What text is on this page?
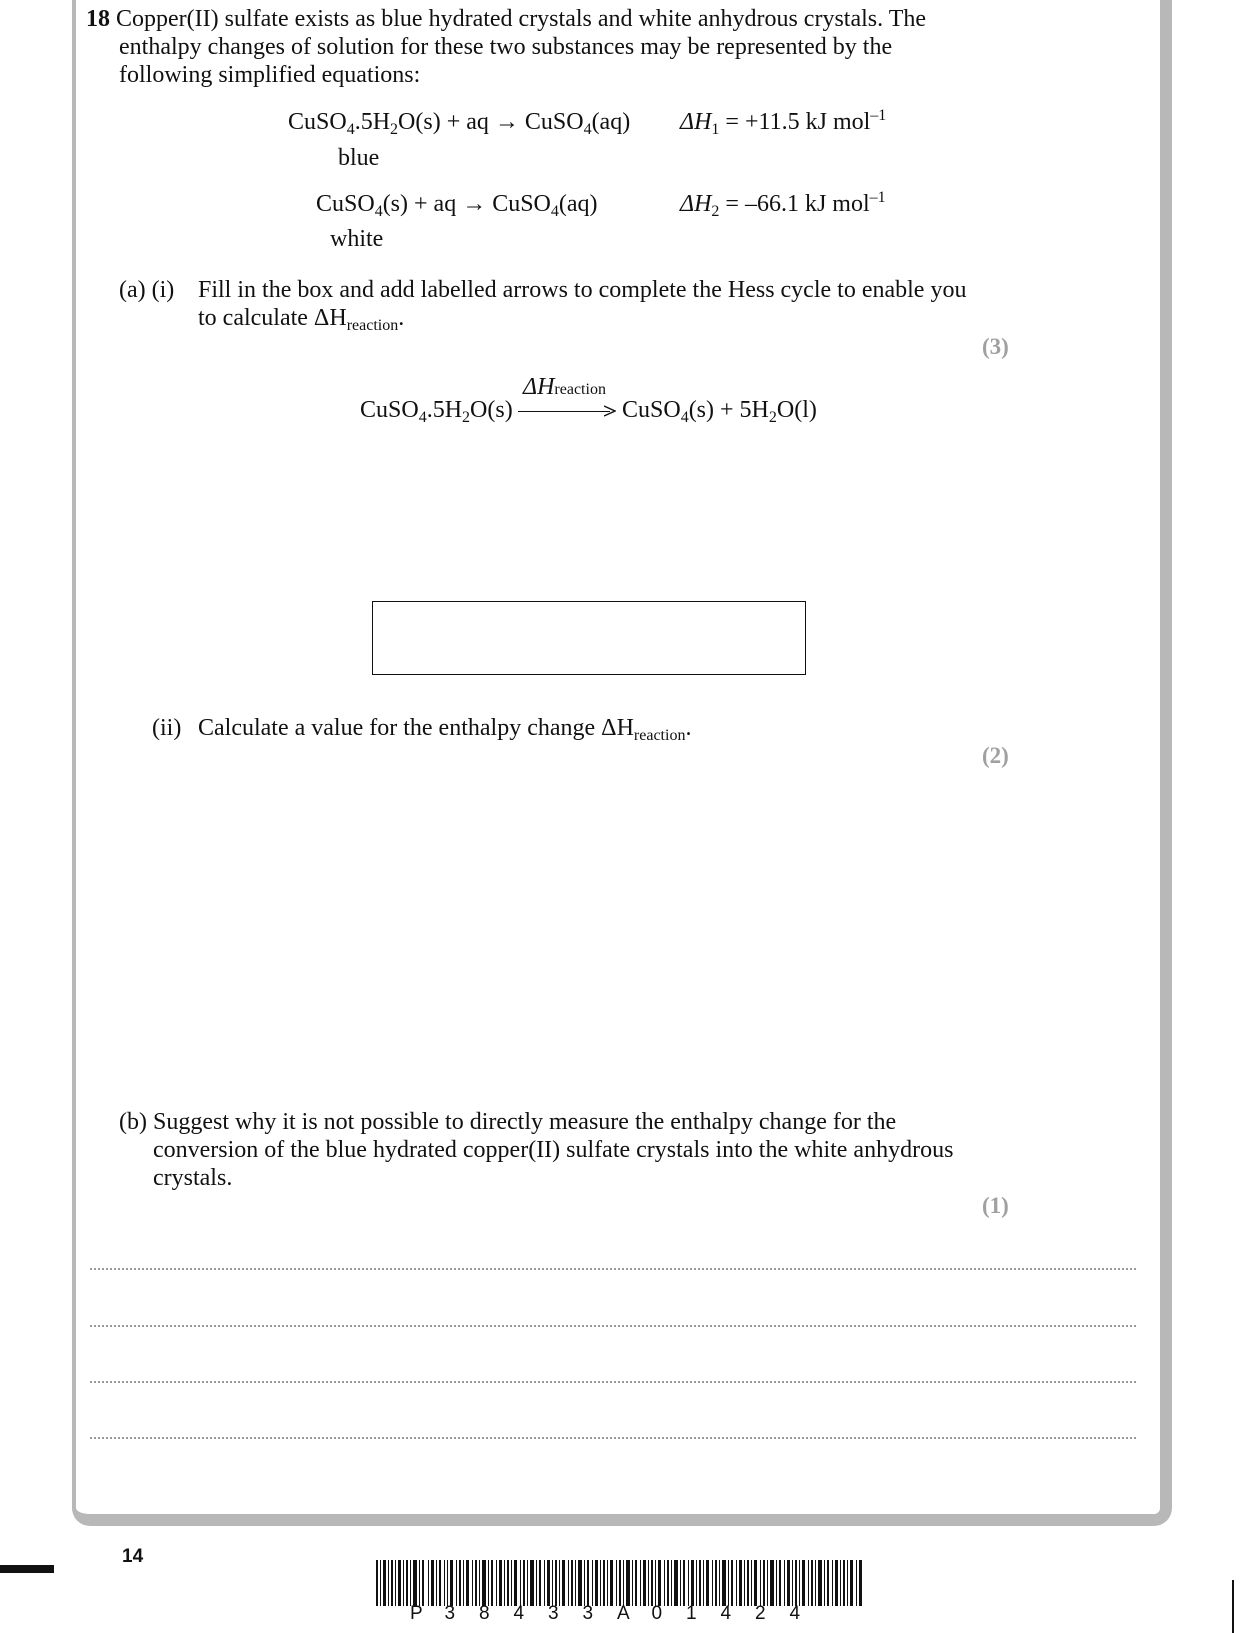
18 Copper(II) sulfate exists as blue hydrated crystals and white anhydrous crystals. The
enthalpy changes of solution for these two substances may be represented by the
following simplified equations:
$CuSO_4.5H_2O(s)$ + aq → CuSO$_4$(aq) $\Delta H_1 = +11.5$ kJ mol$^{-1}$
blue
CuSO$_4$(s) + aq → CuSO$_4$(aq)	$\Delta H_2 = -66.1$ kJ mol$^{-1}$
white
(a) (i) Fill in the box and add labelled arrows to complete the Hess cycle to enable you
to calculate $\Delta H_{reaction}$.
(3)
$CuSO_4.5H_2O(s)$
ΔHreaction
CuSO$_4$(s) + $5H_2O(l)$
(ii) Calculate a value for the enthalpy change $\Delta H_{reaction}$.
(2)
(b) Suggest why it is not possible to directly measure the enthalpy change for the
conversion of the blue hydrated copper(II) sulfate crystals into the white anhydrous
crystals.
(1)
14
P 3 8 4 3 3 A 0 1 4 2 4
